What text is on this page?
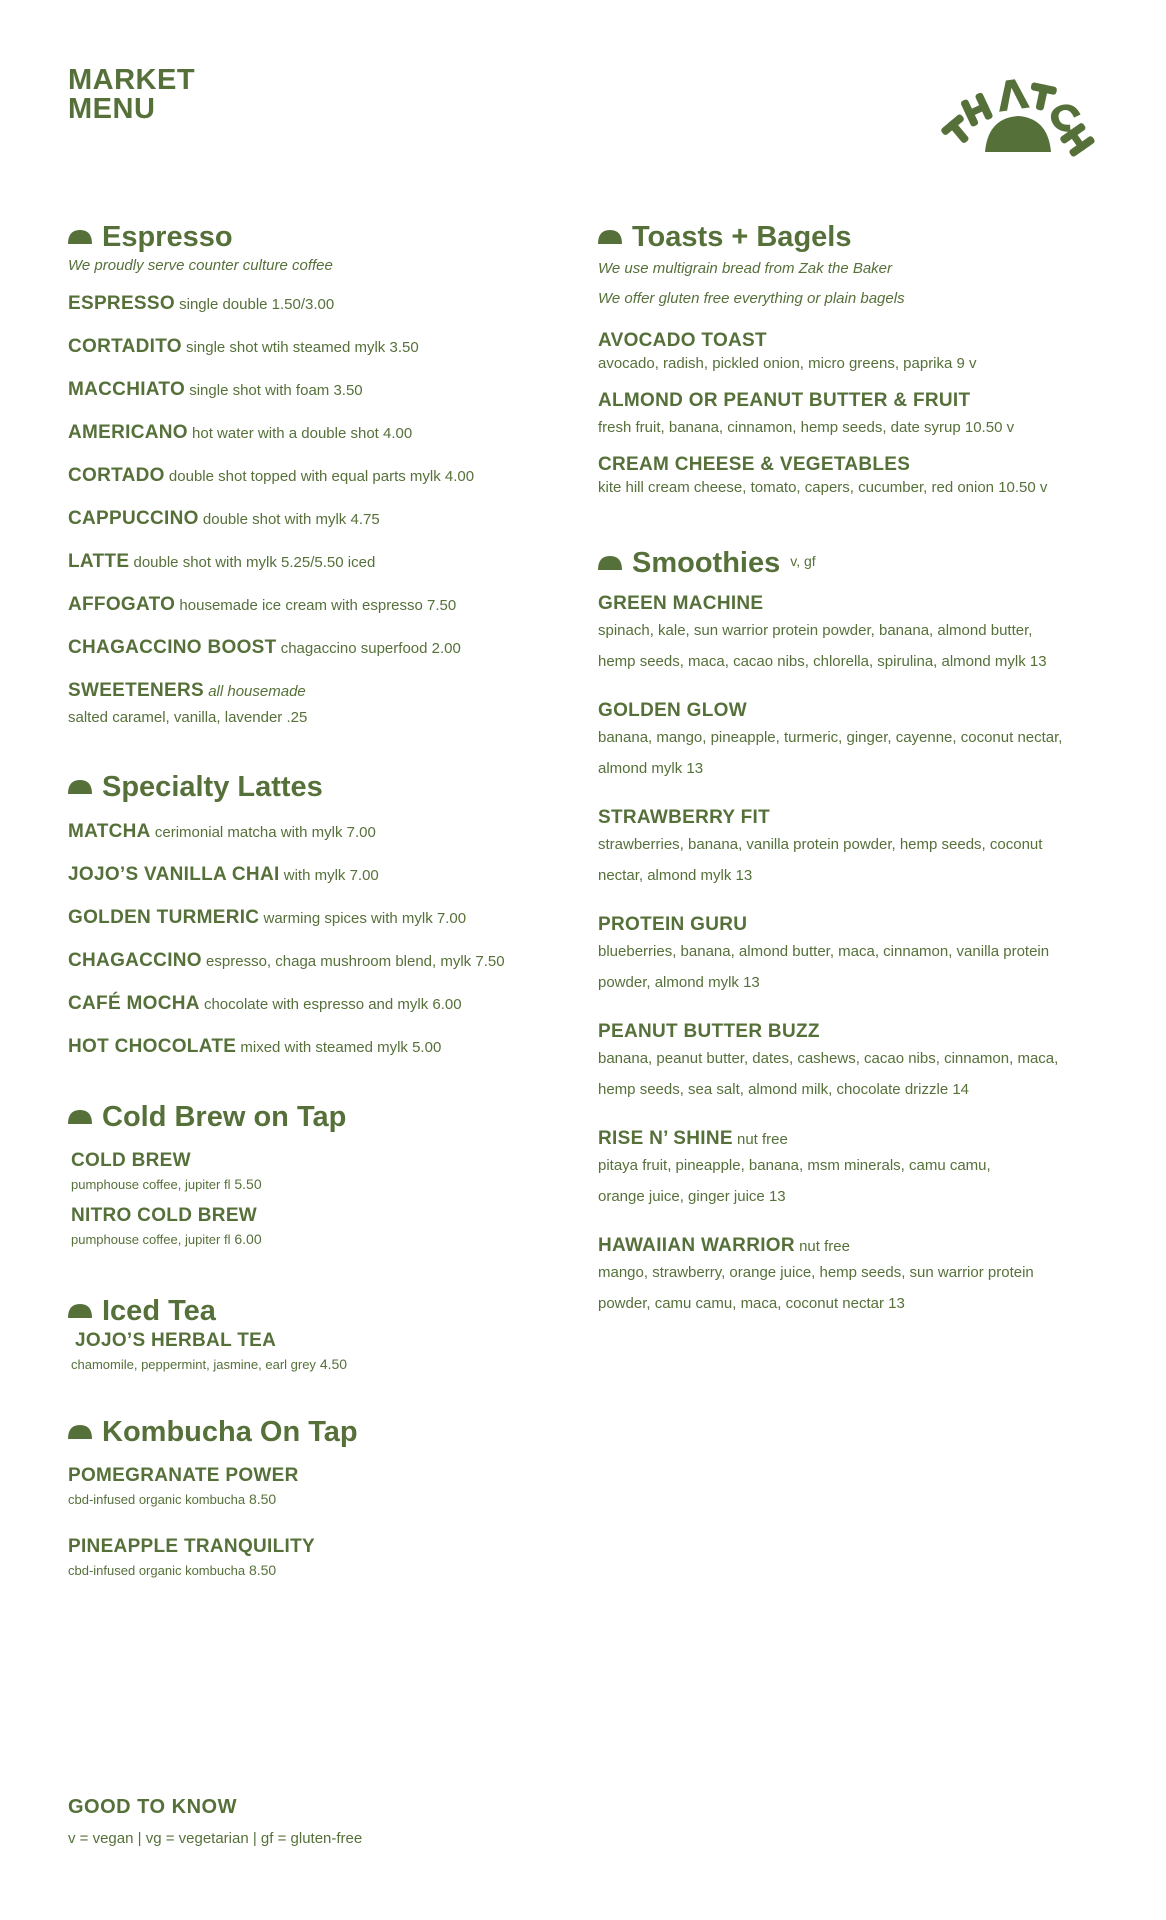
MARKET
MENU
Espresso
We proudly serve counter culture coffee
ESPRESSO single double 1.50/3.00
CORTADITO single shot wtih steamed mylk 3.50
MACCHIATO single shot with foam 3.50
AMERICANO hot water with a double shot 4.00
CORTADO double shot topped with equal parts mylk 4.00
CAPPUCCINO double shot with mylk 4.75
LATTE double shot with mylk 5.25/5.50 iced
AFFOGATO housemade ice cream with espresso 7.50
CHAGACCINO BOOST chagaccino superfood 2.00
SWEETENERS all housemade
salted caramel, vanilla, lavender .25
Specialty Lattes
MATCHA cerimonial matcha with mylk 7.00
JOJO’S VANILLA CHAI with mylk 7.00
GOLDEN TURMERIC warming spices with mylk 7.00
CHAGACCINO espresso, chaga mushroom blend, mylk 7.50
CAFÉ MOCHA chocolate with espresso and mylk 6.00
HOT CHOCOLATE mixed with steamed mylk 5.00
Cold Brew on Tap
COLD BREW
pumphouse coffee, jupiter fl 5.50
NITRO COLD BREW
pumphouse coffee, jupiter fl 6.00
Iced Tea
JOJO’S HERBAL TEA
chamomile, peppermint, jasmine, earl grey 4.50
Kombucha On Tap
POMEGRANATE POWER
cbd-infused organic kombucha 8.50
PINEAPPLE TRANQUILITY
cbd-infused organic kombucha 8.50
Toasts + Bagels
We use multigrain bread from Zak the Baker
We offer gluten free everything or plain bagels
AVOCADO TOAST
avocado, radish, pickled onion, micro greens, paprika 9 v
ALMOND OR PEANUT BUTTER & FRUIT
fresh fruit, banana, cinnamon, hemp seeds, date syrup 10.50 v
CREAM CHEESE & VEGETABLES
kite hill cream cheese, tomato, capers, cucumber, red onion 10.50 v
Smoothies v, gf
GREEN MACHINE
spinach, kale, sun warrior protein powder, banana, almond butter,
hemp seeds, maca, cacao nibs, chlorella, spirulina, almond mylk 13
GOLDEN GLOW
banana, mango, pineapple, turmeric, ginger, cayenne, coconut nectar,
almond mylk 13
STRAWBERRY FIT
strawberries, banana, vanilla protein powder, hemp seeds, coconut
nectar, almond mylk 13
PROTEIN GURU
blueberries, banana, almond butter, maca, cinnamon, vanilla protein
powder, almond mylk 13
PEANUT BUTTER BUZZ
banana, peanut butter, dates, cashews, cacao nibs, cinnamon, maca,
hemp seeds, sea salt, almond milk, chocolate drizzle 14
RISE N’ SHINE nut free
pitaya fruit, pineapple, banana, msm minerals, camu camu,
orange juice, ginger juice 13
HAWAIIAN WARRIOR nut free
mango, strawberry, orange juice, hemp seeds, sun warrior protein
powder, camu camu, maca, coconut nectar 13
GOOD TO KNOW
v = vegan | vg = vegetarian | gf = gluten-free
